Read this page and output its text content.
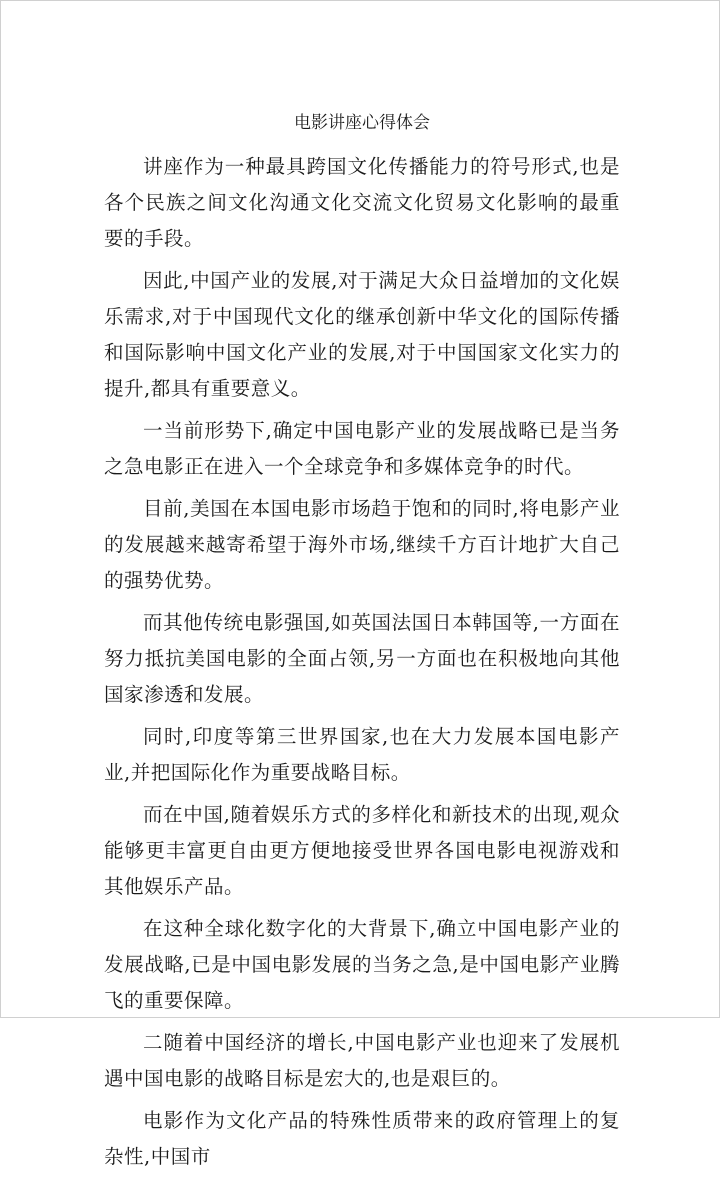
电影讲座心得体会

讲座作为一种最具跨国文化传播能力的符号形式,也是各个民族之间文化沟通文化交流文化贸易文化影响的最重要的手段。

因此,中国产业的发展,对于满足大众日益增加的文化娱乐需求,对于中国现代文化的继承创新中华文化的国际传播和国际影响中国文化产业的发展,对于中国国家文化实力的提升,都具有重要意义。

一当前形势下,确定中国电影产业的发展战略已是当务之急电影正在进入一个全球竞争和多媒体竞争的时代。

目前,美国在本国电影市场趋于饱和的同时,将电影产业的发展越来越寄希望于海外市场,继续千方百计地扩大自己的强势优势。

而其他传统电影强国,如英国法国日本韩国等,一方面在努力抵抗美国电影的全面占领,另一方面也在积极地向其他国家渗透和发展。

同时,印度等第三世界国家,也在大力发展本国电影产业,并把国际化作为重要战略目标。

而在中国,随着娱乐方式的多样化和新技术的出现,观众能够更丰富更自由更方便地接受世界各国电影电视游戏和其他娱乐产品。

在这种全球化数字化的大背景下,确立中国电影产业的发展战略,已是中国电影发展的当务之急,是中国电影产业腾飞的重要保障。

二随着中国经济的增长,中国电影产业也迎来了发展机遇中国电影的战略目标是宏大的,也是艰巨的。

电影作为文化产品的特殊性质带来的政府管理上的复杂性,中国市
